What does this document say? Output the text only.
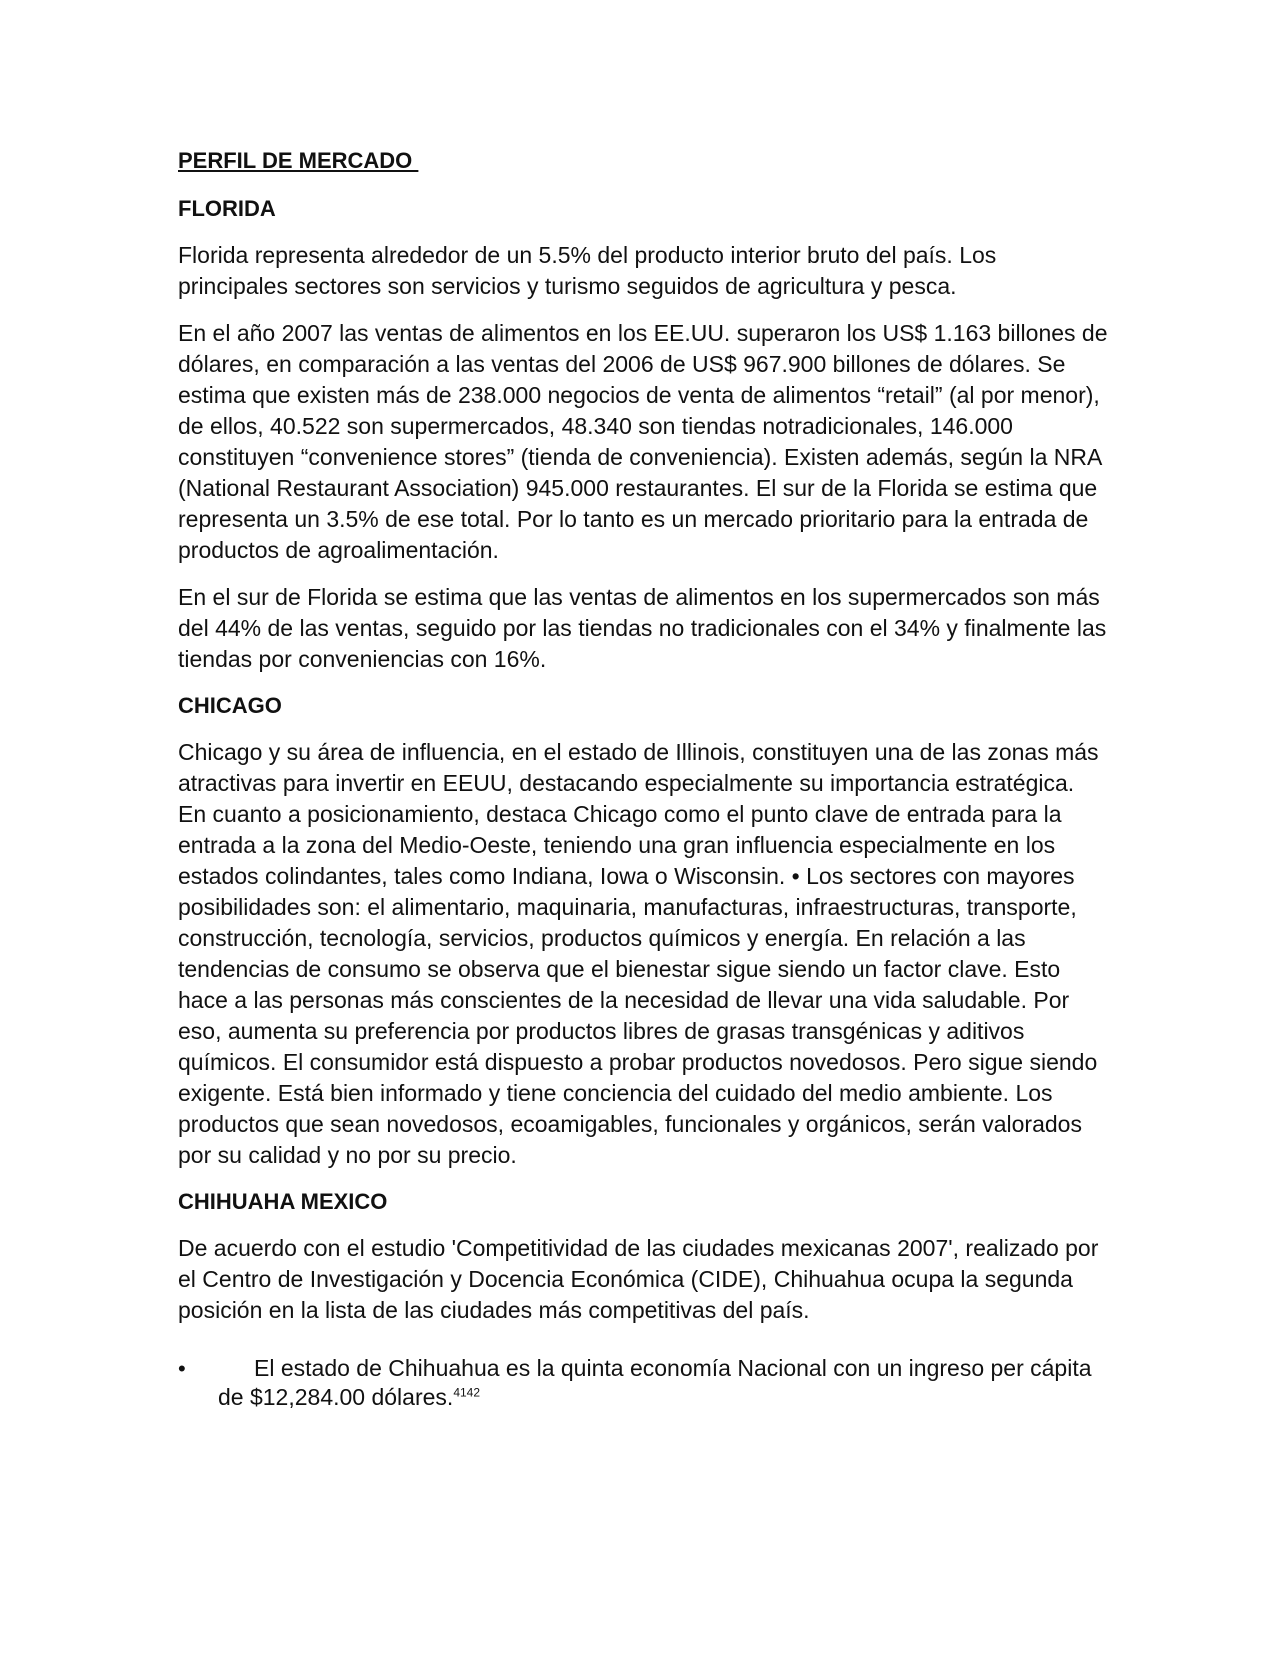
PERFIL DE MERCADO
FLORIDA

Florida representa alrededor de un 5.5% del producto interior bruto del país. Los principales sectores son servicios y turismo seguidos de agricultura y pesca.

En el año 2007 las ventas de alimentos en los EE.UU. superaron los US$ 1.163 billones de dólares, en comparación a las ventas del 2006 de US$ 967.900 billones de dólares. Se estima que existen más de 238.000 negocios de venta de alimentos “retail” (al por menor), de ellos, 40.522 son supermercados, 48.340 son tiendas notradicionales, 146.000 constituyen “convenience stores” (tienda de conveniencia). Existen además, según la NRA (National Restaurant Association) 945.000 restaurantes. El sur de la Florida se estima que representa un 3.5% de ese total. Por lo tanto es un mercado prioritario para la entrada de productos de agroalimentación.

En el sur de Florida se estima que las ventas de alimentos en los supermercados son más del 44% de las ventas, seguido por las tiendas no tradicionales con el 34% y finalmente las tiendas por conveniencias con 16%.

CHICAGO

Chicago y su área de influencia, en el estado de Illinois, constituyen una de las zonas más atractivas para invertir en EEUU, destacando especialmente su importancia estratégica. En cuanto a posicionamiento, destaca Chicago como el punto clave de entrada para la entrada a la zona del Medio-Oeste, teniendo una gran influencia especialmente en los estados colindantes, tales como Indiana, Iowa o Wisconsin. • Los sectores con mayores posibilidades son: el alimentario, maquinaria, manufacturas, infraestructuras, transporte, construcción, tecnología, servicios, productos químicos y energía. En relación a las tendencias de consumo se observa que el bienestar sigue siendo un factor clave. Esto hace a las personas más conscientes de la necesidad de llevar una vida saludable. Por eso, aumenta su preferencia por productos libres de grasas transgénicas y aditivos químicos. El consumidor está dispuesto a probar productos novedosos. Pero sigue siendo exigente. Está bien informado y tiene conciencia del cuidado del medio ambiente. Los productos que sean novedosos, ecoamigables, funcionales y orgánicos, serán valorados por su calidad y no por su precio.

CHIHUAHA MEXICO

De acuerdo con el estudio 'Competitividad de las ciudades mexicanas 2007', realizado por el Centro de Investigación y Docencia Económica (CIDE), Chihuahua ocupa la segunda posición en la lista de las ciudades más competitivas del país.

•	El estado de Chihuahua es la quinta economía Nacional con un ingreso per cápita de $12,284.00 dólares.$^{4142}$
